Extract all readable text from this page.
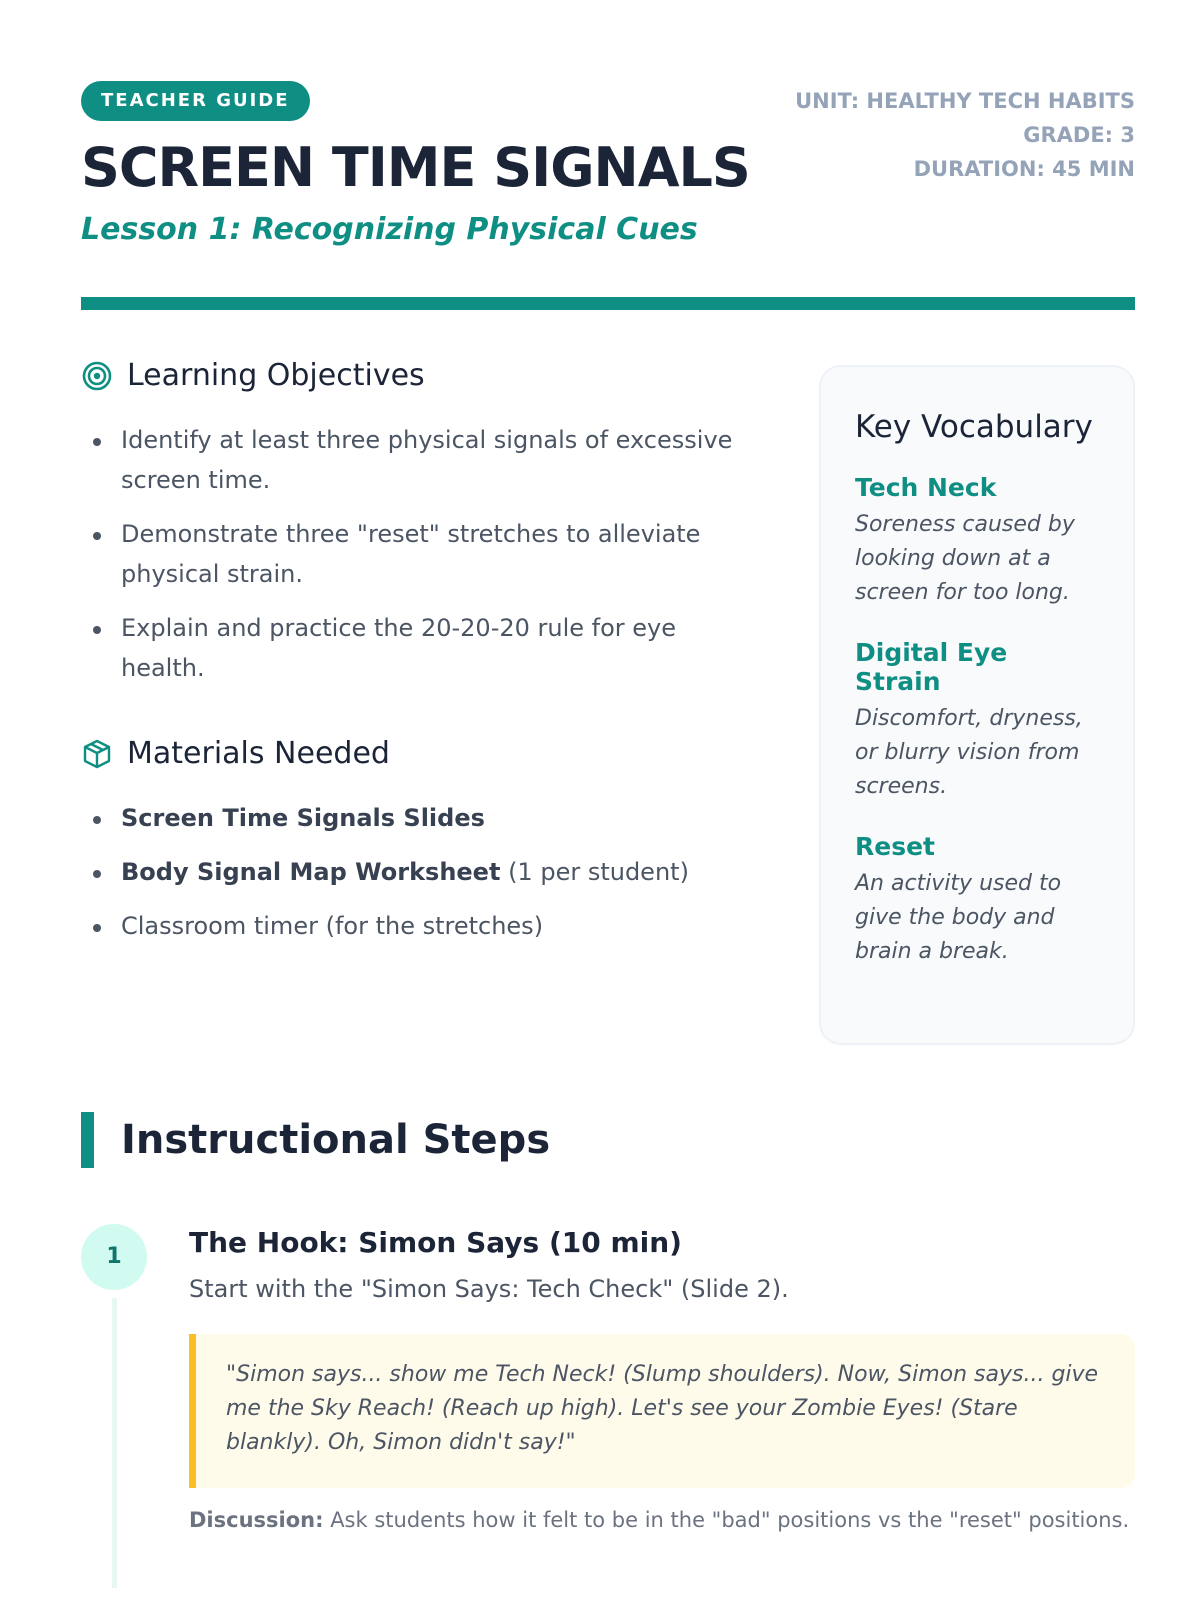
TEACHER GUIDE
SCREEN TIME SIGNALS
Lesson 1: Recognizing Physical Cues
UNIT: HEALTHY TECH HABITS
GRADE: 3
DURATION: 45 MIN
Learning Objectives
Identify at least three physical signals of excessive screen time.
Demonstrate three "reset" stretches to alleviate physical strain.
Explain and practice the 20-20-20 rule for eye health.
Materials Needed
Screen Time Signals Slides
Body Signal Map Worksheet (1 per student)
Classroom timer (for the stretches)
Key Vocabulary
Tech Neck
Soreness caused by looking down at a screen for too long.
Digital Eye Strain
Discomfort, dryness, or blurry vision from screens.
Reset
An activity used to give the body and brain a break.
Instructional Steps
1	The Hook: Simon Says (10 min)
Start with the "Simon Says: Tech Check" (Slide 2).
"Simon says... show me Tech Neck! (Slump shoulders). Now, Simon says... give me the Sky Reach! (Reach up high). Let's see your Zombie Eyes! (Stare blankly). Oh, Simon didn't say!"
Discussion: Ask students how it felt to be in the "bad" positions vs the "reset" positions.
